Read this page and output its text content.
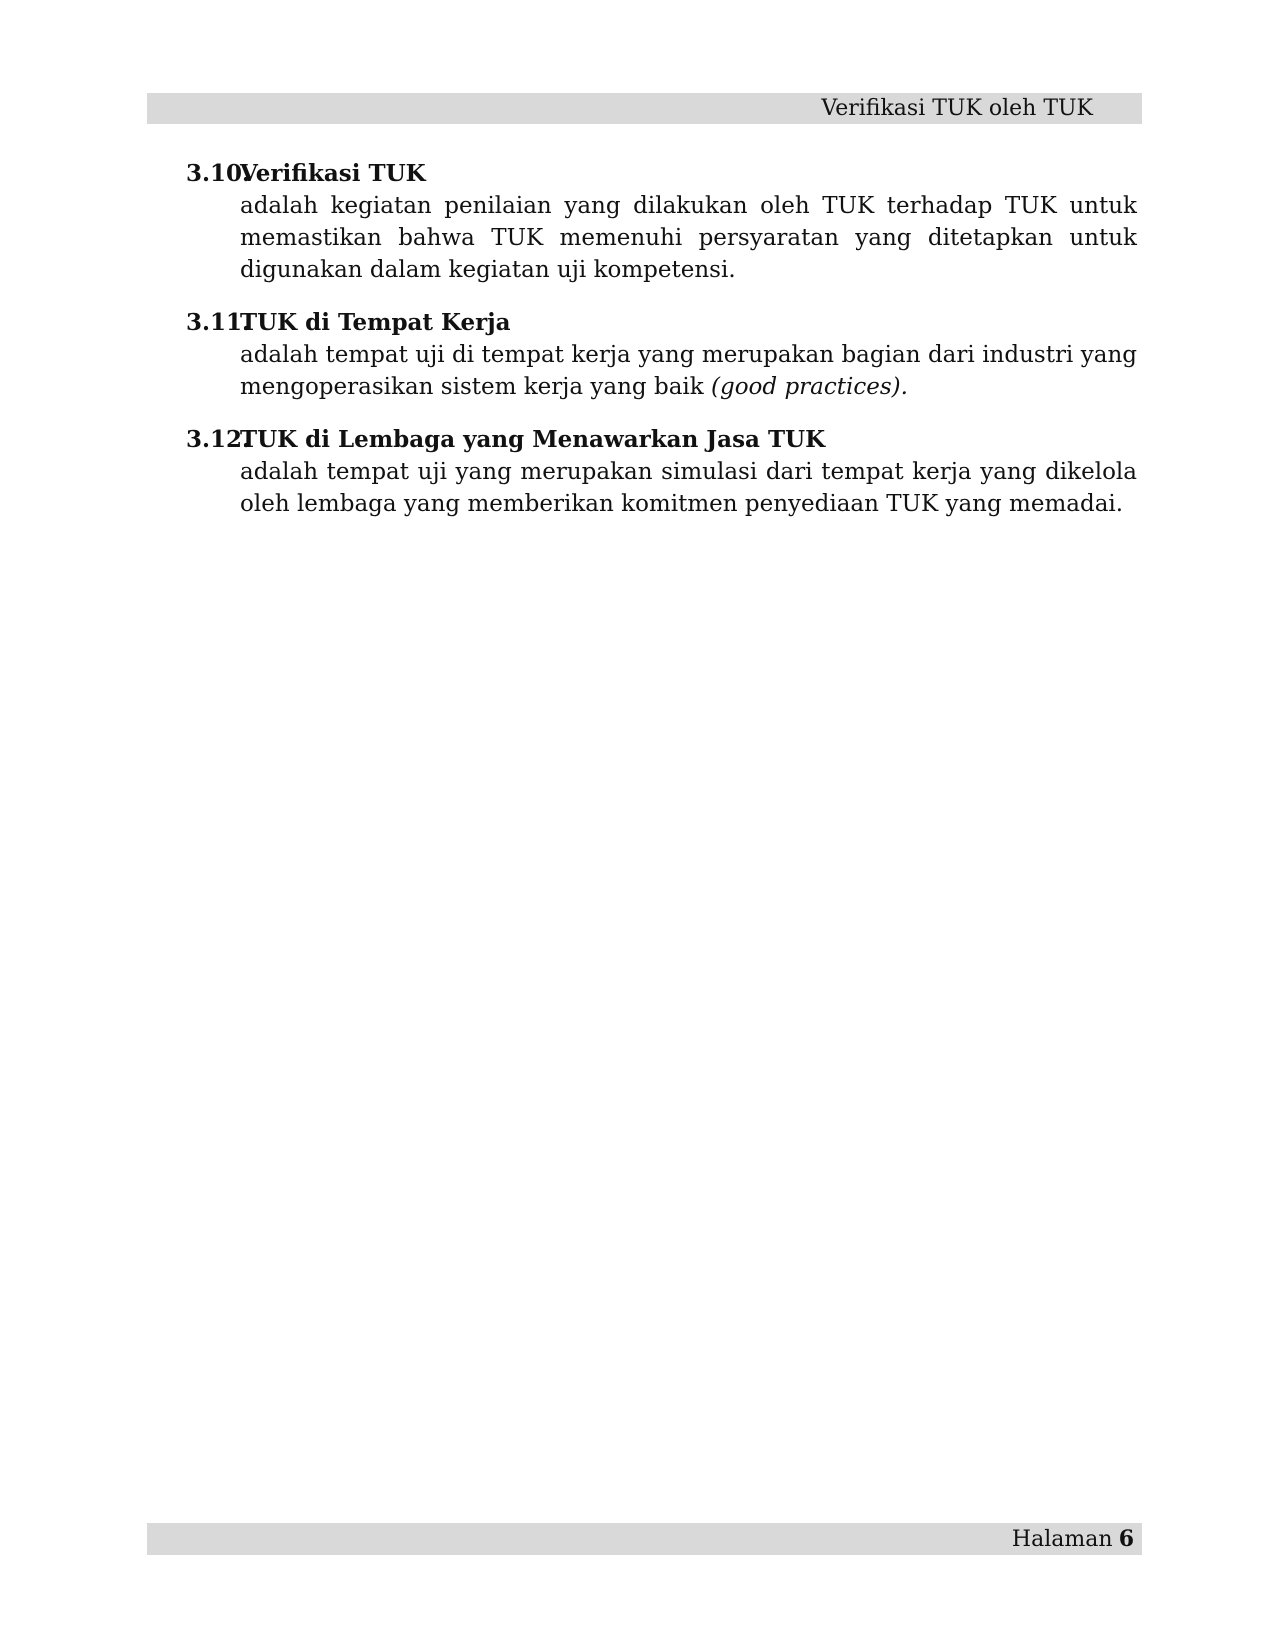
Verifikasi TUK oleh TUK
3.10.
Verifikasi TUK

adalah kegiatan penilaian yang dilakukan oleh TUK terhadap TUK untuk memastikan bahwa TUK memenuhi persyaratan yang ditetapkan untuk digunakan dalam kegiatan uji kompetensi.

3.11.
TUK di Tempat Kerja

adalah tempat uji di tempat kerja yang merupakan bagian dari industri yang mengoperasikan sistem kerja yang baik (good practices).

3.12.
TUK di Lembaga yang Menawarkan Jasa TUK

adalah tempat uji yang merupakan simulasi dari tempat kerja yang dikelola oleh lembaga yang memberikan komitmen penyediaan TUK yang memadai.

Halaman 6
